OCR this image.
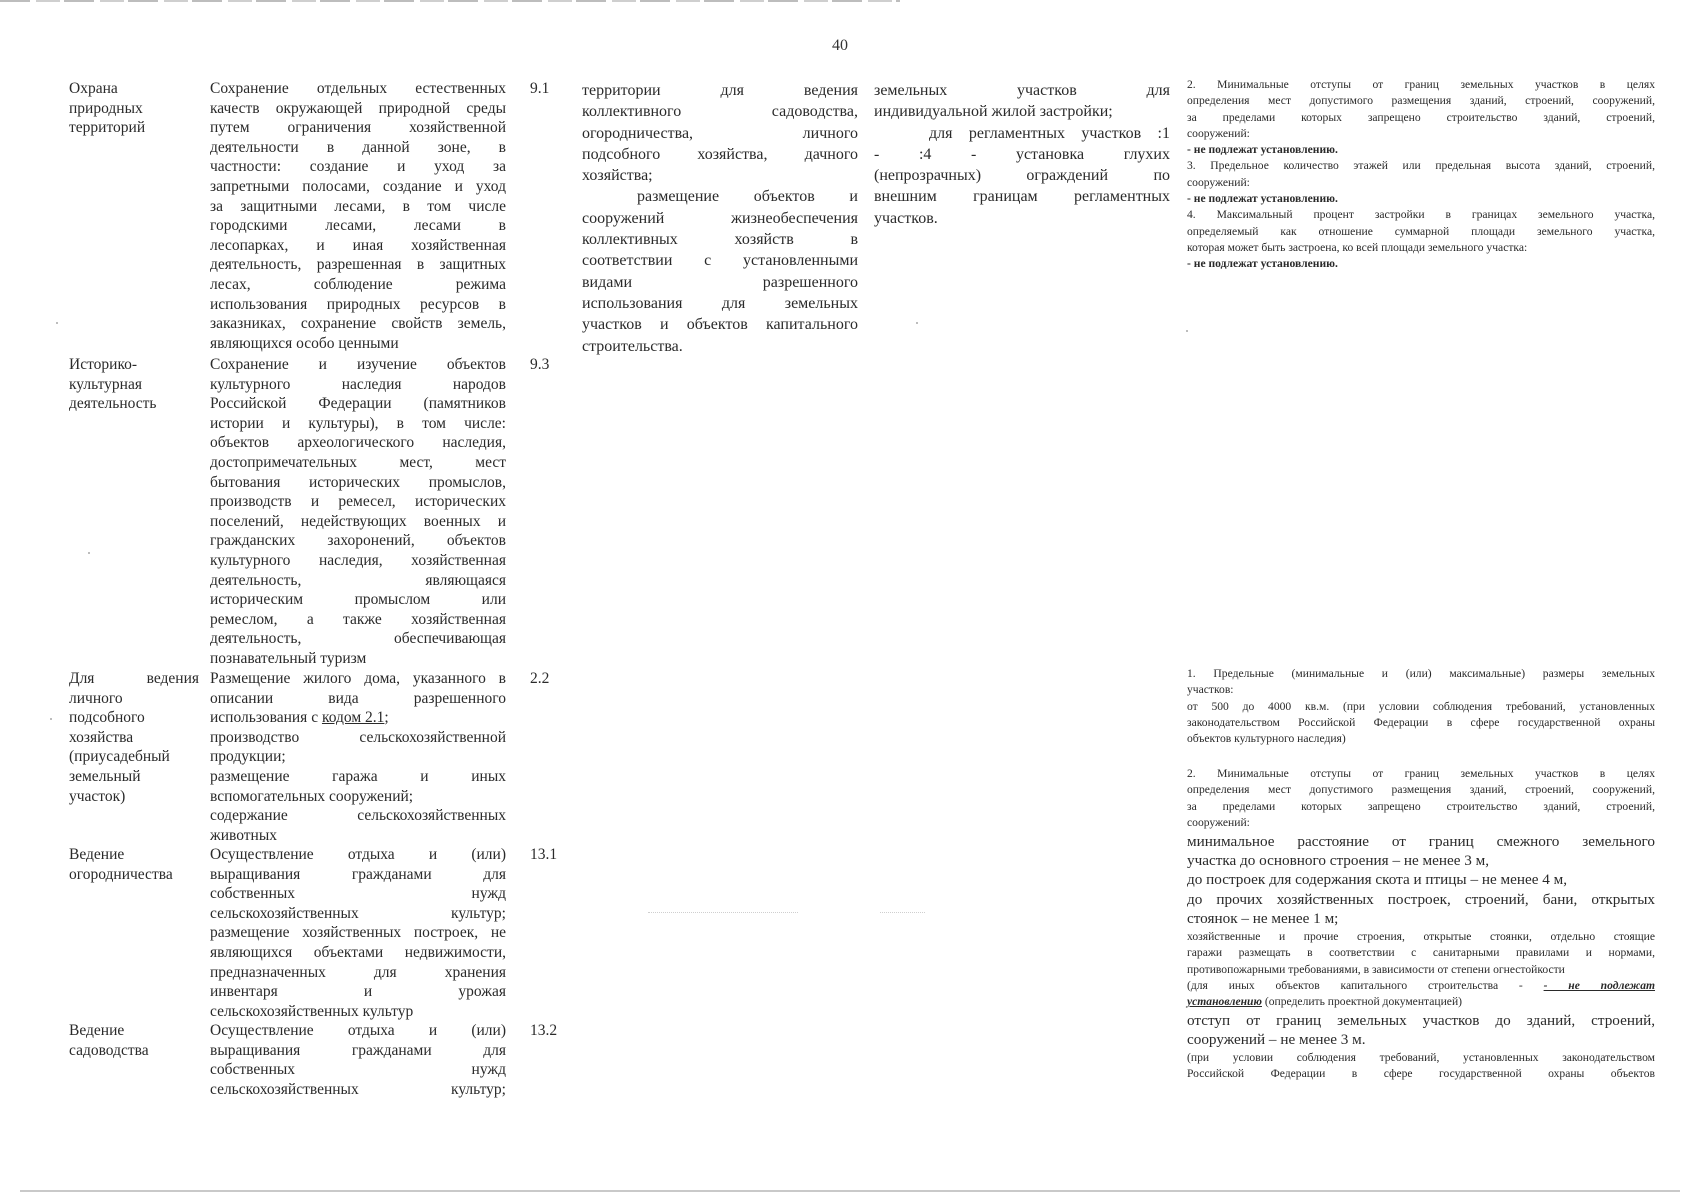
40
Охрана
природных
территорий
Сохранение отдельных естественных
качеств окружающей природной среды
путем ограничения хозяйственной
деятельности в данной зоне, в
частности: создание и уход за
запретными полосами, создание и уход
за защитными лесами, в том числе
городскими лесами, лесами в
лесопарках, и иная хозяйственная
деятельность, разрешенная в защитных
лесах, соблюдение режима
использования природных ресурсов в
заказниках, сохранение свойств земель,
являющихся особо ценными
9.1
Историко-
культурная
деятельность
Сохранение и изучение объектов
культурного наследия народов
Российской Федерации (памятников
истории и культуры), в том числе:
объектов археологического наследия,
достопримечательных мест, мест
бытования исторических промыслов,
производств и ремесел, исторических
поселений, недействующих военных и
гражданских захоронений, объектов
культурного наследия, хозяйственная
деятельность, являющаяся
историческим промыслом или
ремеслом, а также хозяйственная
деятельность, обеспечивающая
познавательный туризм
9.3
Для ведения
личного
подсобного
хозяйства
(приусадебный
земельный
участок)
Размещение жилого дома, указанного в
описании вида разрешенного
использования с кодом 2.1;
производство сельскохозяйственной
продукции;
размещение гаража и иных
вспомогательных сооружений;
содержание сельскохозяйственных
животных
2.2
Ведение
огородничества
Осуществление отдыха и (или)
выращивания гражданами для
собственных нужд
сельскохозяйственных культур;
размещение хозяйственных построек, не
являющихся объектами недвижимости,
предназначенных для хранения
инвентаря и урожая
сельскохозяйственных культур
13.1
Ведение
садоводства
Осуществление отдыха и (или)
выращивания гражданами для
собственных нужд
сельскохозяйственных культур;
13.2
территории для ведения
коллективного садоводства,
огородничества, личного
подсобного хозяйства, дачного
хозяйства;
размещение объектов и
сооружений жизнеобеспечения
коллективных хозяйств в
соответствии с установленными
видами разрешенного
использования для земельных
участков и объектов капитального
строительства.
земельных участков для
индивидуальной жилой застройки;
для регламентных участков :1
- :4 - установка глухих
(непрозрачных) ограждений по
внешним границам регламентных
участков.
2. Минимальные отступы от границ земельных участков в целях
определения мест допустимого размещения зданий, строений, сооружений,
за пределами которых запрещено строительство зданий, строений,
сооружений:
- не подлежат установлению.
3. Предельное количество этажей или предельная высота зданий, строений,
сооружений:
- не подлежат установлению.
4. Максимальный процент застройки в границах земельного участка,
определяемый как отношение суммарной площади земельного участка,
которая может быть застроена, ко всей площади земельного участка:
- не подлежат установлению.
1. Предельные (минимальные и (или) максимальные) размеры земельных
участков:
от 500 до 4000 кв.м. (при условии соблюдения требований, установленных
законодательством Российской Федерации в сфере государственной охраны
объектов культурного наследия)
2. Минимальные отступы от границ земельных участков в целях
определения мест допустимого размещения зданий, строений, сооружений,
за пределами которых запрещено строительство зданий, строений,
сооружений:
минимальное расстояние от границ смежного земельного
участка до основного строения – не менее 3 м,
до построек для содержания скота и птицы – не менее 4 м,
до прочих хозяйственных построек, строений, бани, открытых
стоянок – не менее 1 м;
хозяйственные и прочие строения, открытые стоянки, отдельно стоящие
гаражи размещать в соответствии с санитарными правилами и нормами,
противопожарными требованиями, в зависимости от степени огнестойкости
(для иных объектов капитального строительства - - не подлежат
установлению (определить проектной документацией)
отступ от границ земельных участков до зданий, строений,
сооружений – не менее 3 м.
(при условии соблюдения требований, установленных законодательством
Российской Федерации в сфере государственной охраны объектов
